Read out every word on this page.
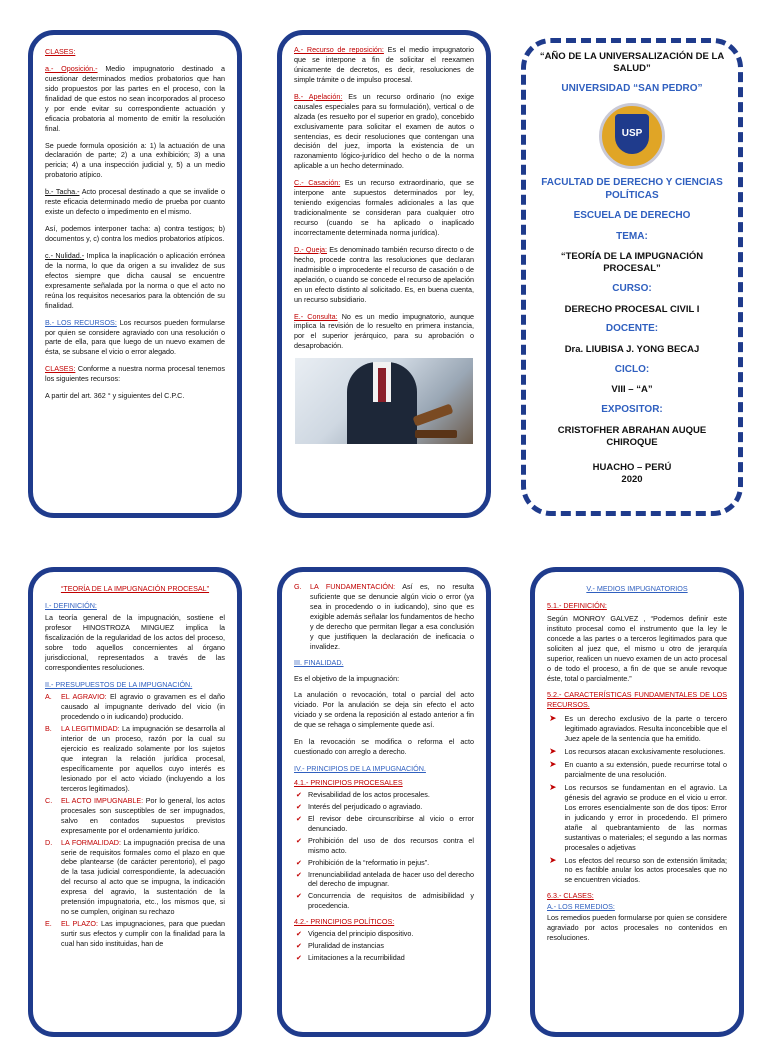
CLASES:

a.- Oposición.- Medio impugnatorio destinado a cuestionar determinados medios probatorios que han sido propuestos por las partes en el proceso, con la finalidad de que estos no sean incorporados al proceso y por ende evitar su correspondiente actuación y eficacia probatoria al momento de emitir la resolución final.

Se puede formula oposición a: 1) la actuación de una declaración de parte; 2) a una exhibición; 3) a una pericia; 4) a una inspección judicial y, 5) a un medio probatorio atípico.

b.- Tacha.- Acto procesal destinado a que se invalide o reste eficacia determinado medio de prueba por cuanto existe un defecto o impedimento en el mismo.

Así, podemos interponer tacha: a) contra testigos; b) documentos y, c) contra los medios probatorios atípicos.

c.- Nulidad.- Implica la inaplicación o aplicación errónea de la norma, lo que da origen a su invalidez de sus efectos siempre que dicha causal se encuentre expresamente señalada por la norma o que el acto no reúna los requisitos necesarios para la obtención de su finalidad.

B.- LOS RECURSOS: Los recursos pueden formularse por quien se considere agraviado con una resolución o parte de ella, para que luego de un nuevo examen de ésta, se subsane el vicio o error alegado.

CLASES: Conforme a nuestra norma procesal tenemos los siguientes recursos:

A partir del art. 362 ° y siguientes del C.P.C.

A.- Recurso de reposición: Es el medio impugnatorio que se interpone a fin de solicitar el reexamen únicamente de decretos, es decir, resoluciones de simple trámite o de impulso procesal.

B.- Apelación: Es un recurso ordinario (no exige causales especiales para su formulación), vertical o de alzada (es resuelto por el superior en grado), concebido exclusivamente para solicitar el examen de autos o sentencias, es decir resoluciones que contengan una decisión del juez, importa la existencia de un razonamiento lógico-jurídico del hecho o de la norma aplicable a un hecho determinado.

C.- Casación: Es un recurso extraordinario, que se interpone ante supuestos determinados por ley, teniendo exigencias formales adicionales a las que tradicionalmente se consideran para cualquier otro recurso (cuando se ha aplicado o inaplicado incorrectamente determinada norma jurídica).

D.- Queja: Es denominado también recurso directo o de hecho, procede contra las resoluciones que declaran inadmisible o improcedente el recurso de casación o de apelación, o cuando se concede el recurso de apelación en un efecto distinto al solicitado. Es, en buena cuenta, un recurso subsidiario.

E.- Consulta: No es un medio impugnatorio, aunque implica la revisión de lo resuelto en primera instancia, por el superior jerárquico, para su aprobación o desaprobación.

“AÑO DE LA UNIVERSALIZACIÓN DE LA SALUD”
UNIVERSIDAD “SAN PEDRO”
USP
FACULTAD DE DERECHO Y CIENCIAS POLÍTICAS
ESCUELA DE DERECHO
TEMA:
“TEORÍA DE LA IMPUGNACIÓN PROCESAL”
CURSO:
DERECHO PROCESAL CIVIL I
DOCENTE:
Dra. LIUBISA J. YONG BECAJ
CICLO:
VIII – “A”
EXPOSITOR:
CRISTOFHER ABRAHAN AUQUE CHIROQUE
HUACHO – PERÚ
2020

“TEORÍA DE LA IMPUGNACIÓN PROCESAL”

I.- DEFINICIÓN:

La teoría general de la impugnación, sostiene el profesor HINOSTROZA MINGUEZ implica la fiscalización de la regularidad de los actos del proceso, sobre todo aquellos concernientes al órgano jurisdiccional, representados a través de las correspondientes resoluciones.

II.- PRESUPUESTOS DE LA IMPUGNACIÓN.

A.	EL AGRAVIO: El agravio o gravamen es el daño causado al impugnante derivado del vicio (in procedendo o in iudicando) producido.
B.	LA LEGITIMIDAD: La impugnación se desarrolla al interior de un proceso, razón por la cual su ejercicio es realizado solamente por los sujetos que integran la relación jurídica procesal, específicamente por aquellos cuyo interés es lesionado por el acto viciado (incluyendo a los terceros legitimados).
C.	EL ACTO IMPUGNABLE: Por lo general, los actos procesales son susceptibles de ser impugnados, salvo en contados supuestos previstos expresamente por el ordenamiento jurídico.
D.	LA FORMALIDAD: La impugnación precisa de una serie de requisitos formales como el plazo en que debe plantearse (de carácter perentorio), el pago de la tasa judicial correspondiente, la adecuación del recurso al acto que se impugna, la indicación expresa del agravio, la sustentación de la pretensión impugnatoria, etc., los mismos que, si no se cumplen, originan su rechazo
E.	EL PLAZO: Las impugnaciones, para que puedan surtir sus efectos y cumplir con la finalidad para la cual han sido instituidas, han de
G.	LA FUNDAMENTACIÓN: Así es, no resulta suficiente que se denuncie algún vicio o error (ya sea in procedendo o in iudicando), sino que es exigible además señalar los fundamentos de hecho y de derecho que permitan llegar a esa conclusión y que justifiquen la declaración de ineficacia o invalidez.

III. FINALIDAD.

Es el objetivo de la impugnación:

La anulación o revocación, total o parcial del acto viciado. Por la anulación se deja sin efecto el acto viciado y se ordena la reposición al estado anterior a fin de que se rehaga o simplemente quede así.

En la revocación se modifica o reforma el acto cuestionado con arreglo a derecho.

IV.- PRINCIPIOS DE LA IMPUGNACIÓN.

4.1.- PRINCIPIOS PROCESALES

✔ Revisabilidad de los actos procesales.
✔ Interés del perjudicado o agraviado.
✔ El revisor debe circunscribirse al vicio o error denunciado.
✔ Prohibición del uso de dos recursos contra el mismo acto.
✔ Prohibición de la “reformatio in pejus”.
✔ Irrenunciabilidad antelada de hacer uso del derecho del derecho de impugnar.
✔ Concurrencia de requisitos de admisibilidad y procedencia.

4.2.- PRINCIPIOS POLÍTICOS:

✔ Vigencia del principio dispositivo.
✔ Pluralidad de instancias
✔ Limitaciones a la recurribilidad

V.- MEDIOS IMPUGNATORIOS

5.1.- DEFINICIÓN:

Según MONROY GALVEZ , “Podemos definir este instituto procesal como el instrumento que la ley le concede a las partes o a terceros legitimados para que soliciten al juez que, el mismo u otro de jerarquía superior, realicen un nuevo examen de un acto procesal o de todo el proceso, a fin de que se anule revoque éste, total o parcialmente.”

5.2.- CARACTERÍSTICAS FUNDAMENTALES DE LOS RECURSOS.

➤ Es un derecho exclusivo de la parte o tercero legitimado agraviados. Resulta inconcebible que el Juez apele de la sentencia que ha emitido.
➤ Los recursos atacan exclusivamente resoluciones.
➤ En cuanto a su extensión, puede recurrirse total o parcialmente de una resolución.
➤ Los recursos se fundamentan en el agravio. La génesis del agravio se produce en el vicio u error. Los errores esencialmente son de dos tipos: Error in judicando y error in procedendo. El primero atañe al quebrantamiento de las normas sustantivas o materiales; el segundo a las normas procesales o adjetivas
➤ Los efectos del recurso son de extensión limitada; no es factible anular los actos procesales que no se encuentren viciados.

6.3.- CLASES:

A.- LOS REMEDIOS:

Los remedios pueden formularse por quien se considere agraviado por actos procesales no contenidos en resoluciones.
